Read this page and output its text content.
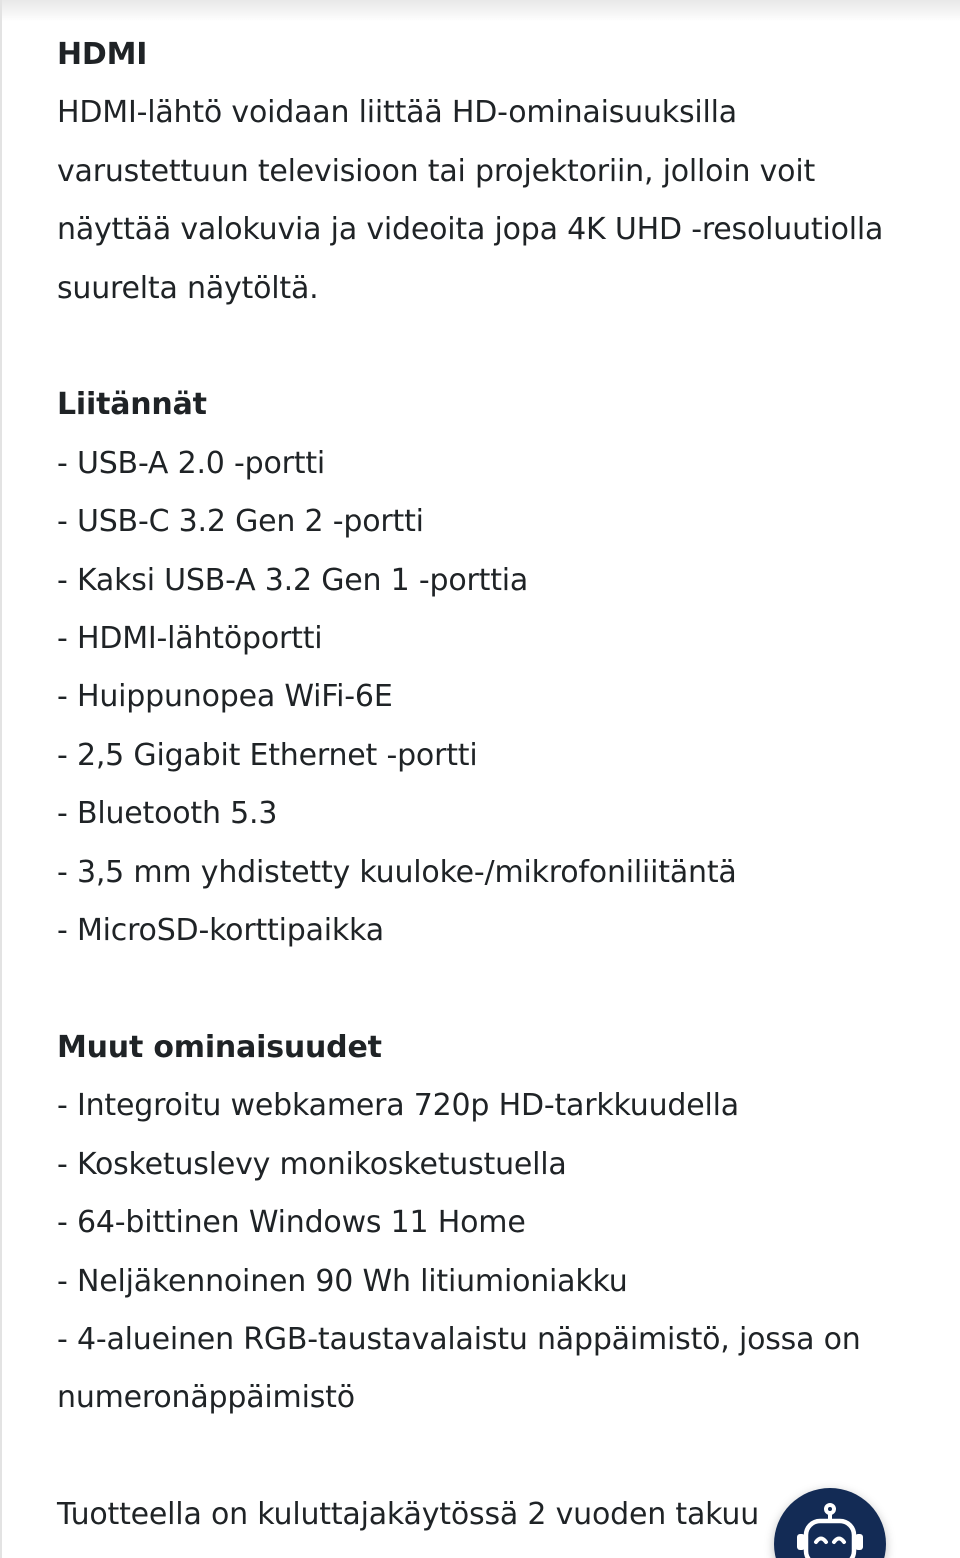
HDMI
HDMI-lähtö voidaan liittää HD-ominaisuuksilla
varustettuun televisioon tai projektoriin, jolloin voit
näyttää valokuvia ja videoita jopa 4K UHD -resoluutiolla
suurelta näytöltä.
Liitännät
- USB-A 2.0 -portti
- USB-C 3.2 Gen 2 -portti
- Kaksi USB-A 3.2 Gen 1 -porttia
- HDMI-lähtöportti
- Huippunopea WiFi-6E
- 2,5 Gigabit Ethernet -portti
- Bluetooth 5.3
- 3,5 mm yhdistetty kuuloke-/mikrofoniliitäntä
- MicroSD-korttipaikka
Muut ominaisuudet
- Integroitu webkamera 720p HD-tarkkuudella
- Kosketuslevy monikosketustuella
- 64-bittinen Windows 11 Home
- Neljäkennoinen 90 Wh litiumioniakku
- 4-alueinen RGB-taustavalaistu näppäimistö, jossa on
numeronäppäimistö
Tuotteella on kuluttajakäytössä 2 vuoden takuu
